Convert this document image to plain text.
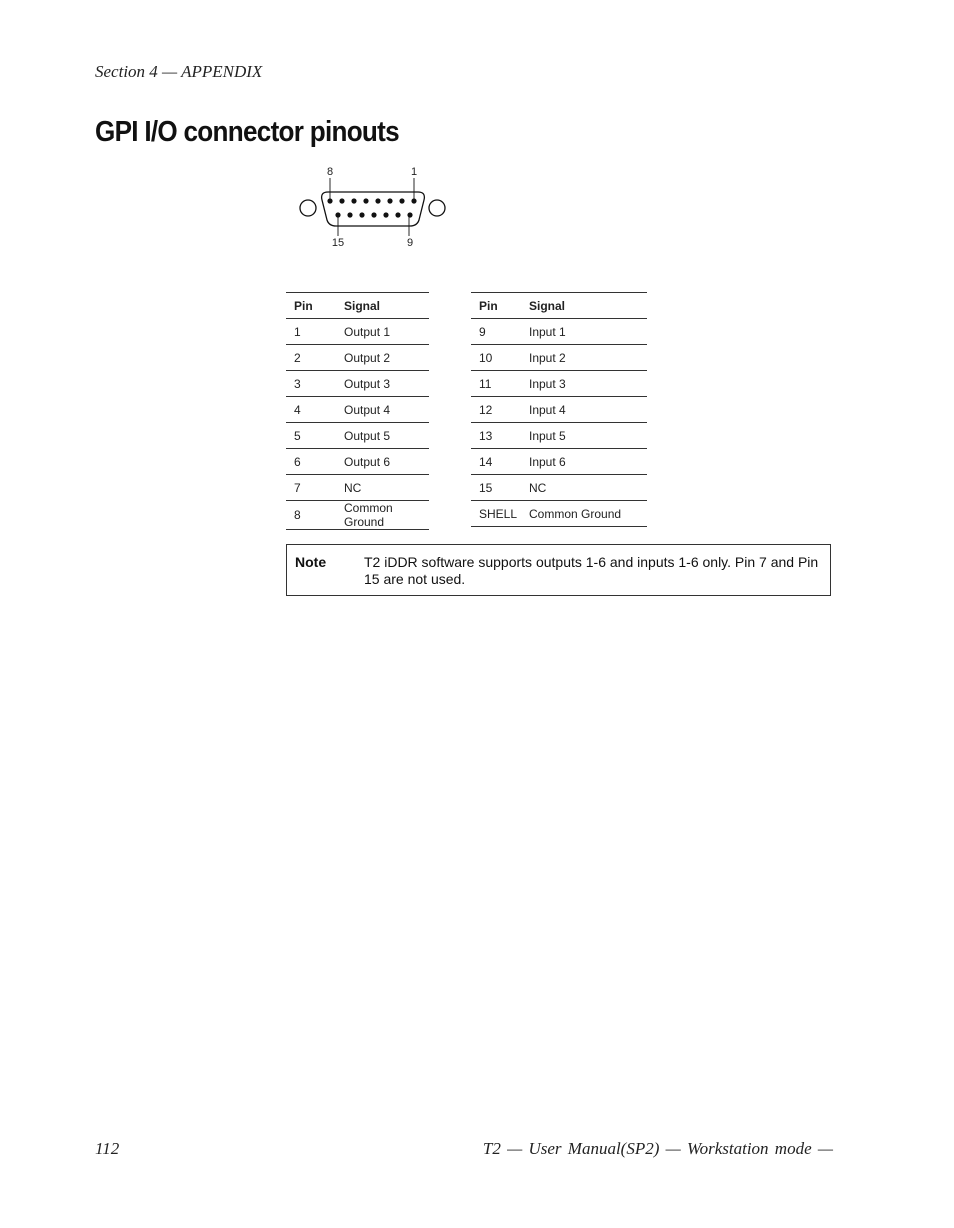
Section 4 — APPENDIX
GPI I/O connector pinouts
8	1
15	9
Pin	Signal
1	Output 1
2	Output 2
3	Output 3
4	Output 4
5	Output 5
6	Output 6
7	NC
8	Common Ground
Pin	Signal
9	Input 1
10	Input 2
11	Input 3
12	Input 4
13	Input 5
14	Input 6
15	NC
SHELL	Common Ground
Note	T2 iDDR software supports outputs 1-6 and inputs 1-6 only. Pin 7 and Pin 15 are not used.
112	T2 — User Manual(SP2) — Workstation mode —
